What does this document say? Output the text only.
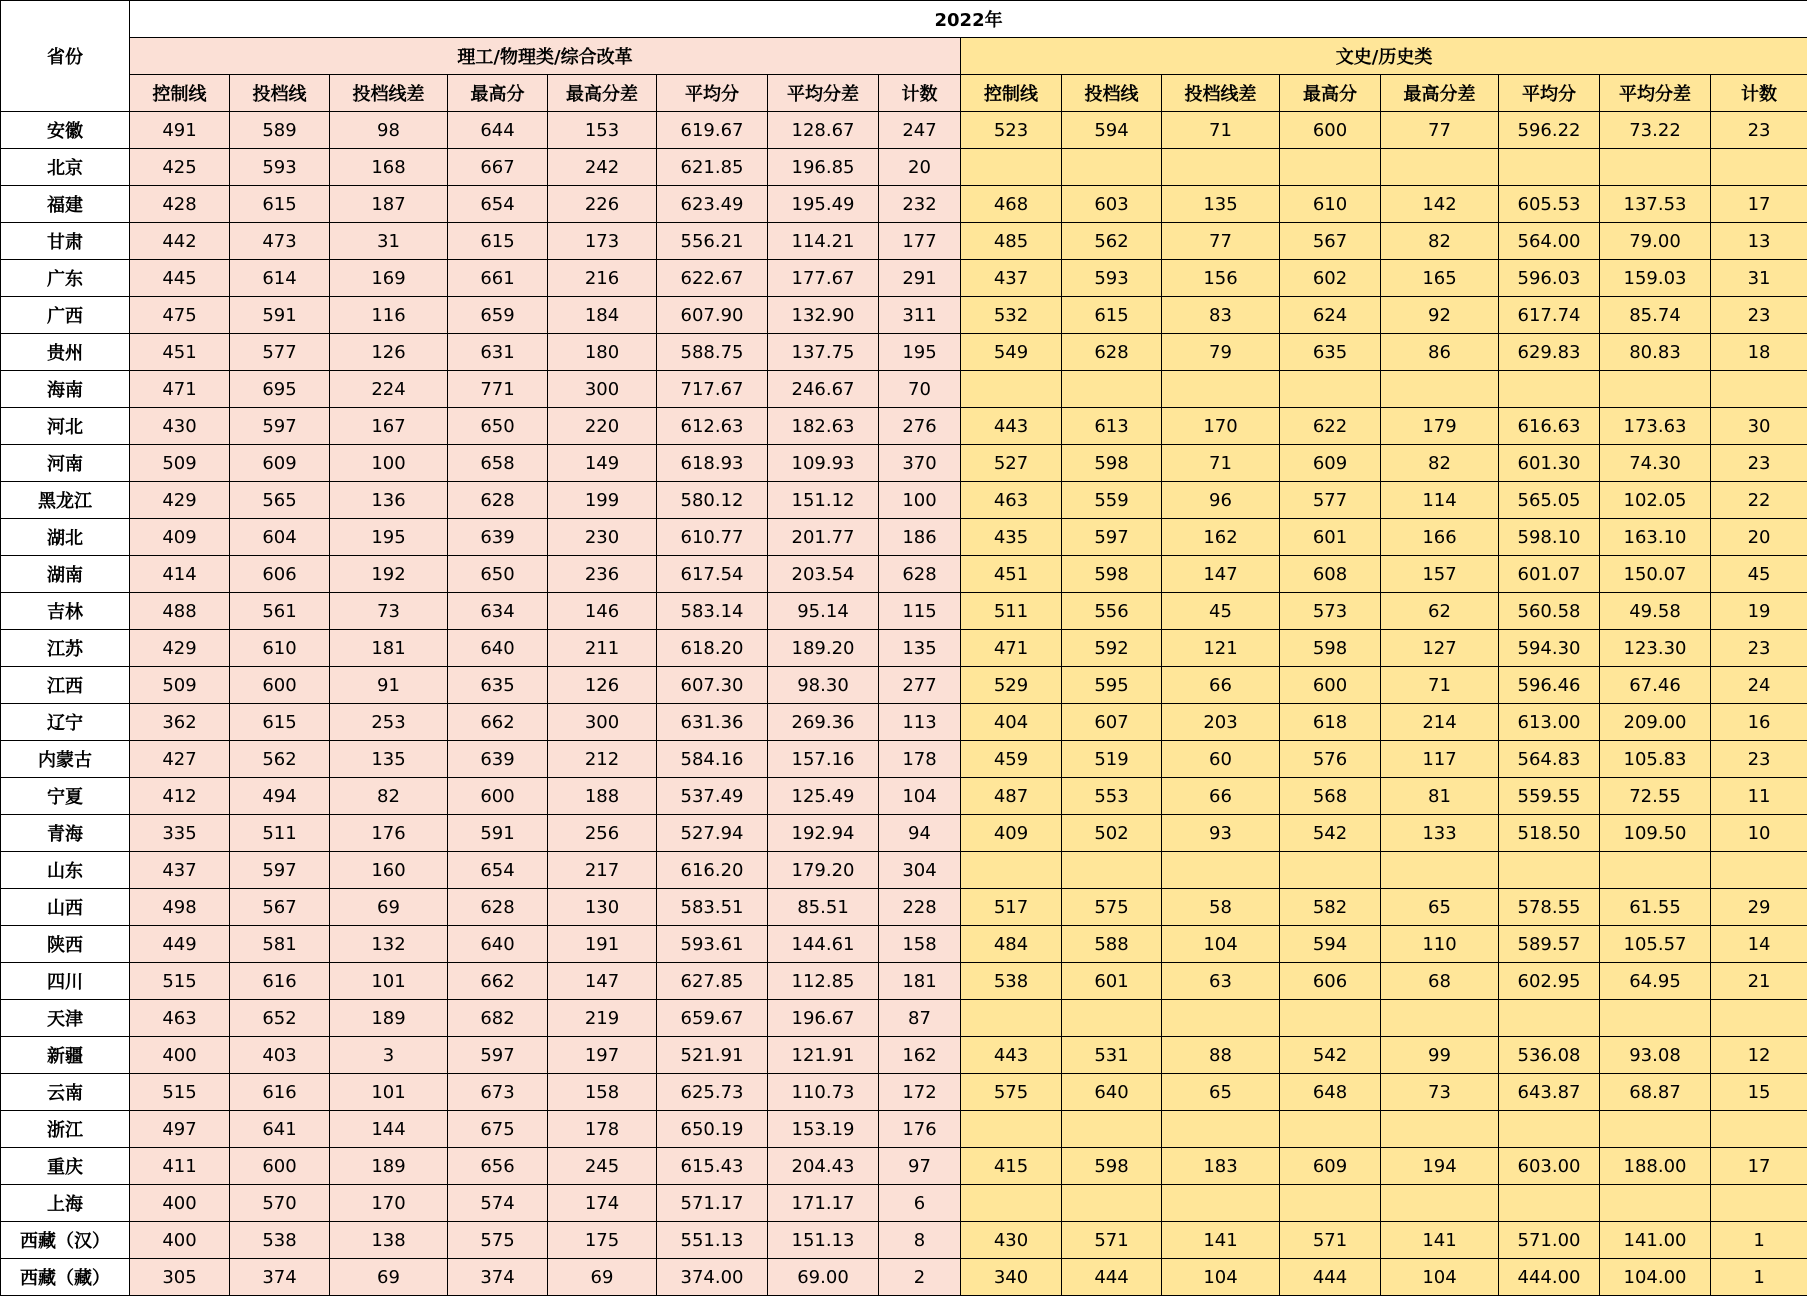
省份	2022年															
	理工/物理类/综合改革								文史/历史类							
	控制线	投档线	投档线差	最高分	最高分差	平均分	平均分差	计数	控制线	投档线	投档线差	最高分	最高分差	平均分	平均分差	计数
安徽	491	589	98	644	153	619.67	128.67	247	523	594	71	600	77	596.22	73.22	23
北京	425	593	168	667	242	621.85	196.85	20								
福建	428	615	187	654	226	623.49	195.49	232	468	603	135	610	142	605.53	137.53	17
甘肃	442	473	31	615	173	556.21	114.21	177	485	562	77	567	82	564.00	79.00	13
广东	445	614	169	661	216	622.67	177.67	291	437	593	156	602	165	596.03	159.03	31
广西	475	591	116	659	184	607.90	132.90	311	532	615	83	624	92	617.74	85.74	23
贵州	451	577	126	631	180	588.75	137.75	195	549	628	79	635	86	629.83	80.83	18
海南	471	695	224	771	300	717.67	246.67	70								
河北	430	597	167	650	220	612.63	182.63	276	443	613	170	622	179	616.63	173.63	30
河南	509	609	100	658	149	618.93	109.93	370	527	598	71	609	82	601.30	74.30	23
黑龙江	429	565	136	628	199	580.12	151.12	100	463	559	96	577	114	565.05	102.05	22
湖北	409	604	195	639	230	610.77	201.77	186	435	597	162	601	166	598.10	163.10	20
湖南	414	606	192	650	236	617.54	203.54	628	451	598	147	608	157	601.07	150.07	45
吉林	488	561	73	634	146	583.14	95.14	115	511	556	45	573	62	560.58	49.58	19
江苏	429	610	181	640	211	618.20	189.20	135	471	592	121	598	127	594.30	123.30	23
江西	509	600	91	635	126	607.30	98.30	277	529	595	66	600	71	596.46	67.46	24
辽宁	362	615	253	662	300	631.36	269.36	113	404	607	203	618	214	613.00	209.00	16
内蒙古	427	562	135	639	212	584.16	157.16	178	459	519	60	576	117	564.83	105.83	23
宁夏	412	494	82	600	188	537.49	125.49	104	487	553	66	568	81	559.55	72.55	11
青海	335	511	176	591	256	527.94	192.94	94	409	502	93	542	133	518.50	109.50	10
山东	437	597	160	654	217	616.20	179.20	304								
山西	498	567	69	628	130	583.51	85.51	228	517	575	58	582	65	578.55	61.55	29
陕西	449	581	132	640	191	593.61	144.61	158	484	588	104	594	110	589.57	105.57	14
四川	515	616	101	662	147	627.85	112.85	181	538	601	63	606	68	602.95	64.95	21
天津	463	652	189	682	219	659.67	196.67	87								
新疆	400	403	3	597	197	521.91	121.91	162	443	531	88	542	99	536.08	93.08	12
云南	515	616	101	673	158	625.73	110.73	172	575	640	65	648	73	643.87	68.87	15
浙江	497	641	144	675	178	650.19	153.19	176								
重庆	411	600	189	656	245	615.43	204.43	97	415	598	183	609	194	603.00	188.00	17
上海	400	570	170	574	174	571.17	171.17	6								
西藏（汉）	400	538	138	575	175	551.13	151.13	8	430	571	141	571	141	571.00	141.00	1
西藏（藏）	305	374	69	374	69	374.00	69.00	2	340	444	104	444	104	444.00	104.00	1
